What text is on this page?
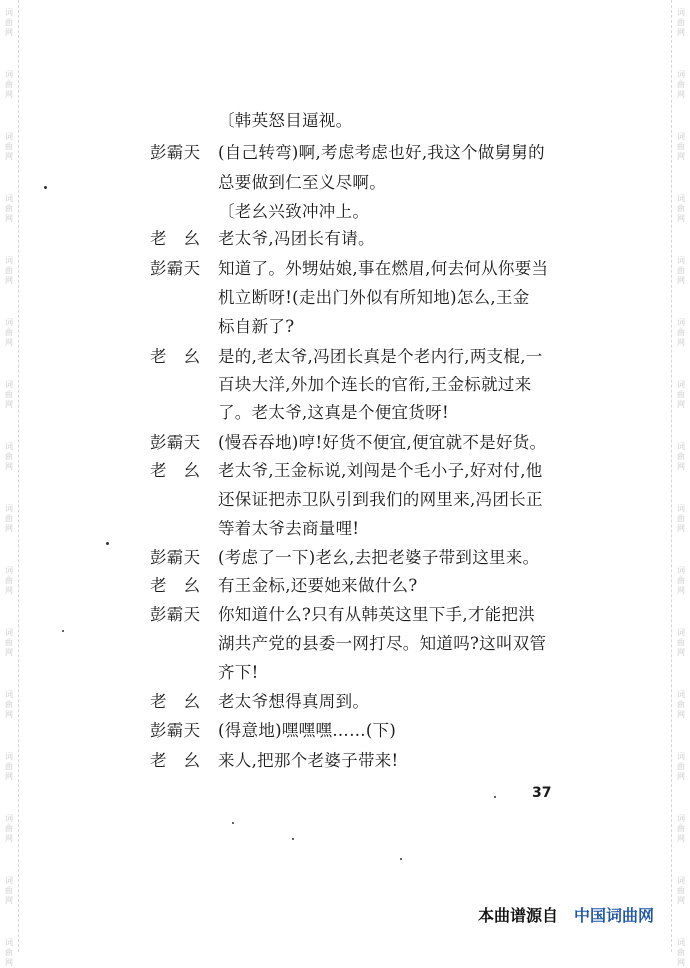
词
曲
网
词
曲
网
词
曲
网
词
曲
网
词
曲
网
词
曲
网
词
曲
网
词
曲
网
词
曲
网
词
曲
网
词
曲
网
词
曲
网
词
曲
网
词
曲
网
词
曲
网
词
曲
网
词
曲
网
词
曲
网
词
曲
网
词
曲
网
词
曲
网
词
曲
网
词
曲
网
词
曲
网
词
曲
网
词
曲
网
词
曲
网
词
曲
网
词
曲
网
词
曲
网
词
曲
网
词
曲
网
〔韩英怒目逼视。
彭霸天	(自己转弯)啊,考虑考虑也好,我这个做舅舅的
总要做到仁至义尽啊。
〔老幺兴致冲冲上。
老　幺	老太爷,冯团长有请。
彭霸天	知道了。外甥姑娘,事在燃眉,何去何从你要当
机立断呀!(走出门外似有所知地)怎么,王金
标自新了?
老　幺	是的,老太爷,冯团长真是个老内行,两支棍,一
百块大洋,外加个连长的官衔,王金标就过来
了。老太爷,这真是个便宜货呀!
彭霸天	(慢吞吞地)哼!好货不便宜,便宜就不是好货。
老　幺	老太爷,王金标说,刘闯是个毛小子,好对付,他
还保证把赤卫队引到我们的网里来,冯团长正
等着太爷去商量哩!
彭霸天	(考虑了一下)老幺,去把老婆子带到这里来。
老　幺	有王金标,还要她来做什么?
彭霸天	你知道什么?只有从韩英这里下手,才能把洪
湖共产党的县委一网打尽。知道吗?这叫双管
齐下!
老　幺	老太爷想得真周到。
彭霸天	(得意地)嘿嘿嘿……(下)
老　幺	来人,把那个老婆子带来!
37
本曲谱源自 中国词曲网
